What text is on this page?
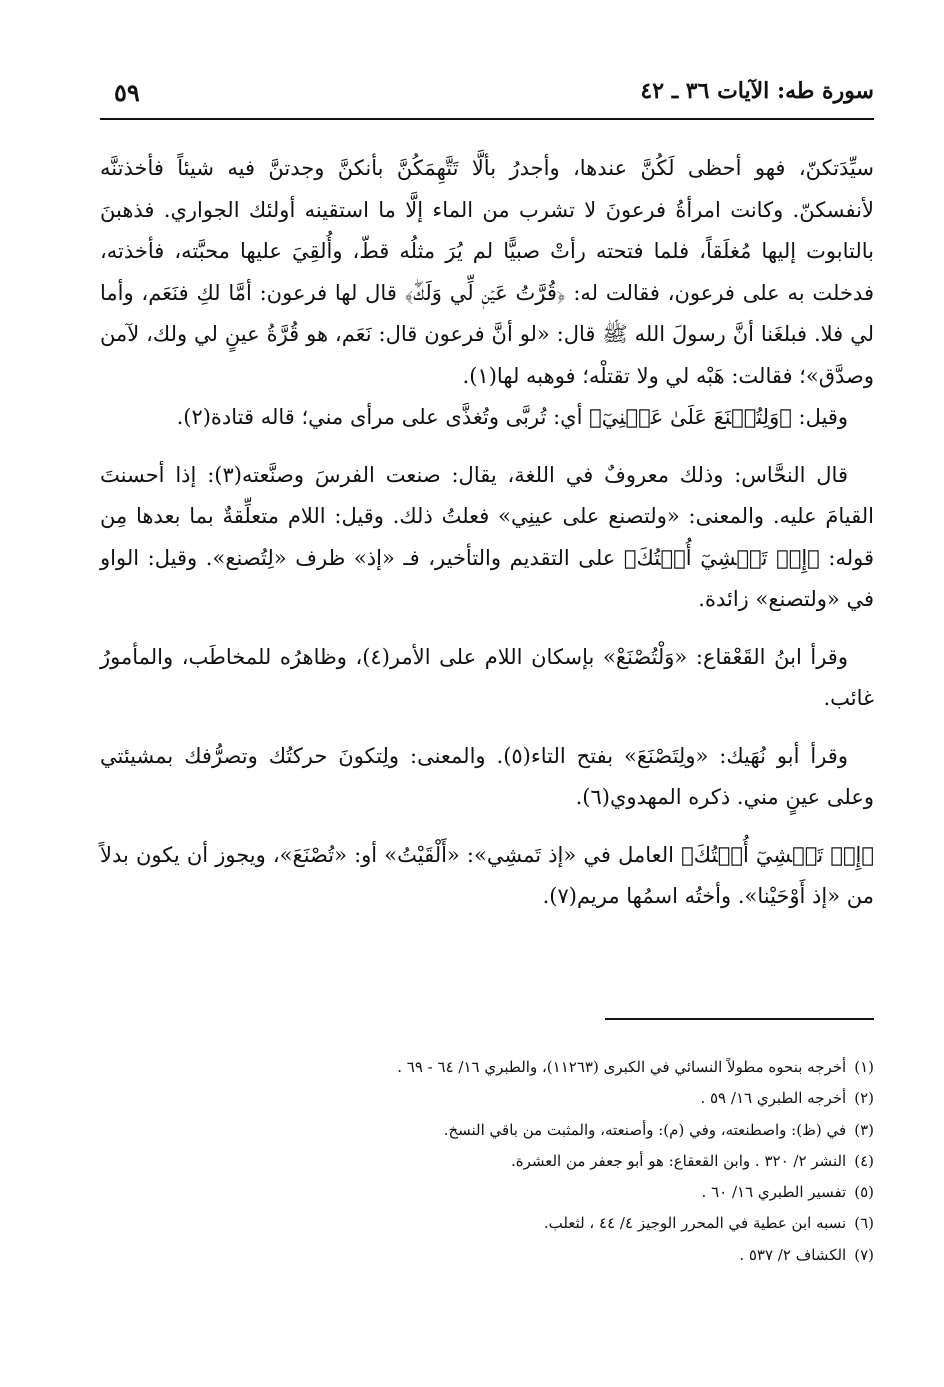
سورة طه: الآيات ٣٦ ـ ٤٢
٥٩

سيِّدَتكنّ، فهو أحظى لَكُنَّ عندها، وأجدرُ بألَّا تَتَّهِمَكُنَّ بأنكنَّ وجدتنَّ فيه شيئاً فأخذتنَّه لأنفسكنّ. وكانت امرأةُ فرعونَ لا تشرب من الماء إلَّا ما استقينه أولئك الجواري. فذهبنَ بالتابوت إليها مُغلَقاً، فلما فتحته رأتْ صبيًّا لم يُرَ مثلُه قطّ، وأُلقِيَ عليها محبَّته، فأخذته، فدخلت به على فرعون، فقالت له: ﴿قُرَّتُ عَيۡنٖ لِّي وَلَكَۖ﴾ قال لها فرعون: أمَّا لكِ فنَعَم، وأما لي فلا. فبلغَنا أنَّ رسولَ الله ﷺ قال: «لو أنَّ فرعون قال: نَعَم، هو قُرَّةُ عينٍ لي ولك، لآمن وصدَّق»؛ فقالت: هَبْه لي ولا تقتلْه؛ فوهبه لها(١).

وقيل: ﴿وَلِتُصۡنَعَ عَلَىٰ عَيۡنِيٓ﴾ أي: تُربَّى وتُغذَّى على مرأى مني؛ قاله قتادة(٢).

قال النحَّاس: وذلك معروفٌ في اللغة، يقال: صنعت الفرسَ وصنَّعته(٣): إذا أحسنتَ القيامَ عليه. والمعنى: «ولتصنع على عينِي» فعلتُ ذلك. وقيل: اللام متعلِّقةٌ بما بعدها مِن قوله: ﴿إِذۡ تَمۡشِيٓ أُخۡتُكَ﴾ على التقديم والتأخير، فـ «إذ» ظرف «لِتُصنع». وقيل: الواو في «ولتصنع» زائدة.

وقرأ ابنُ القَعْقاع: «وَلْتُصْنَعْ» بإسكان اللام على الأمر(٤)، وظاهرُه للمخاطَب، والمأمورُ غائب.

وقرأ أبو نُهَيك: «ولِتَصْنَعَ» بفتح التاء(٥). والمعنى: ولِتكونَ حركتُك وتصرُّفك بمشيئتي وعلى عينٍ مني. ذكره المهدوي(٦).

﴿إِذۡ تَمۡشِيٓ أُخۡتُكَ﴾ العامل في «إذ تَمشِي»: «أَلْقَيْتُ» أو: «تُصْنَعَ»، ويجوز أن يكون بدلاً من «إذ أَوْحَيْنا». وأختُه اسمُها مريم(٧).

(١)أخرجه بنحوه مطولاً النسائي في الكبرى (١١٢٦٣)، والطبري ١٦/ ٦٤ - ٦٩ .
(٢)أخرجه الطبري ١٦/ ٥٩ .
(٣)في (ظ): واصطنعته، وفي (م): وأصنعته، والمثبت من باقي النسخ.
(٤)النشر ٢/ ٣٢٠ . وابن القعقاع: هو أبو جعفر من العشرة.
(٥)تفسير الطبري ١٦/ ٦٠ .
(٦)نسبه ابن عطية في المحرر الوجيز ٤/ ٤٤ ، لثعلب.
(٧)الكشاف ٢/ ٥٣٧ .
